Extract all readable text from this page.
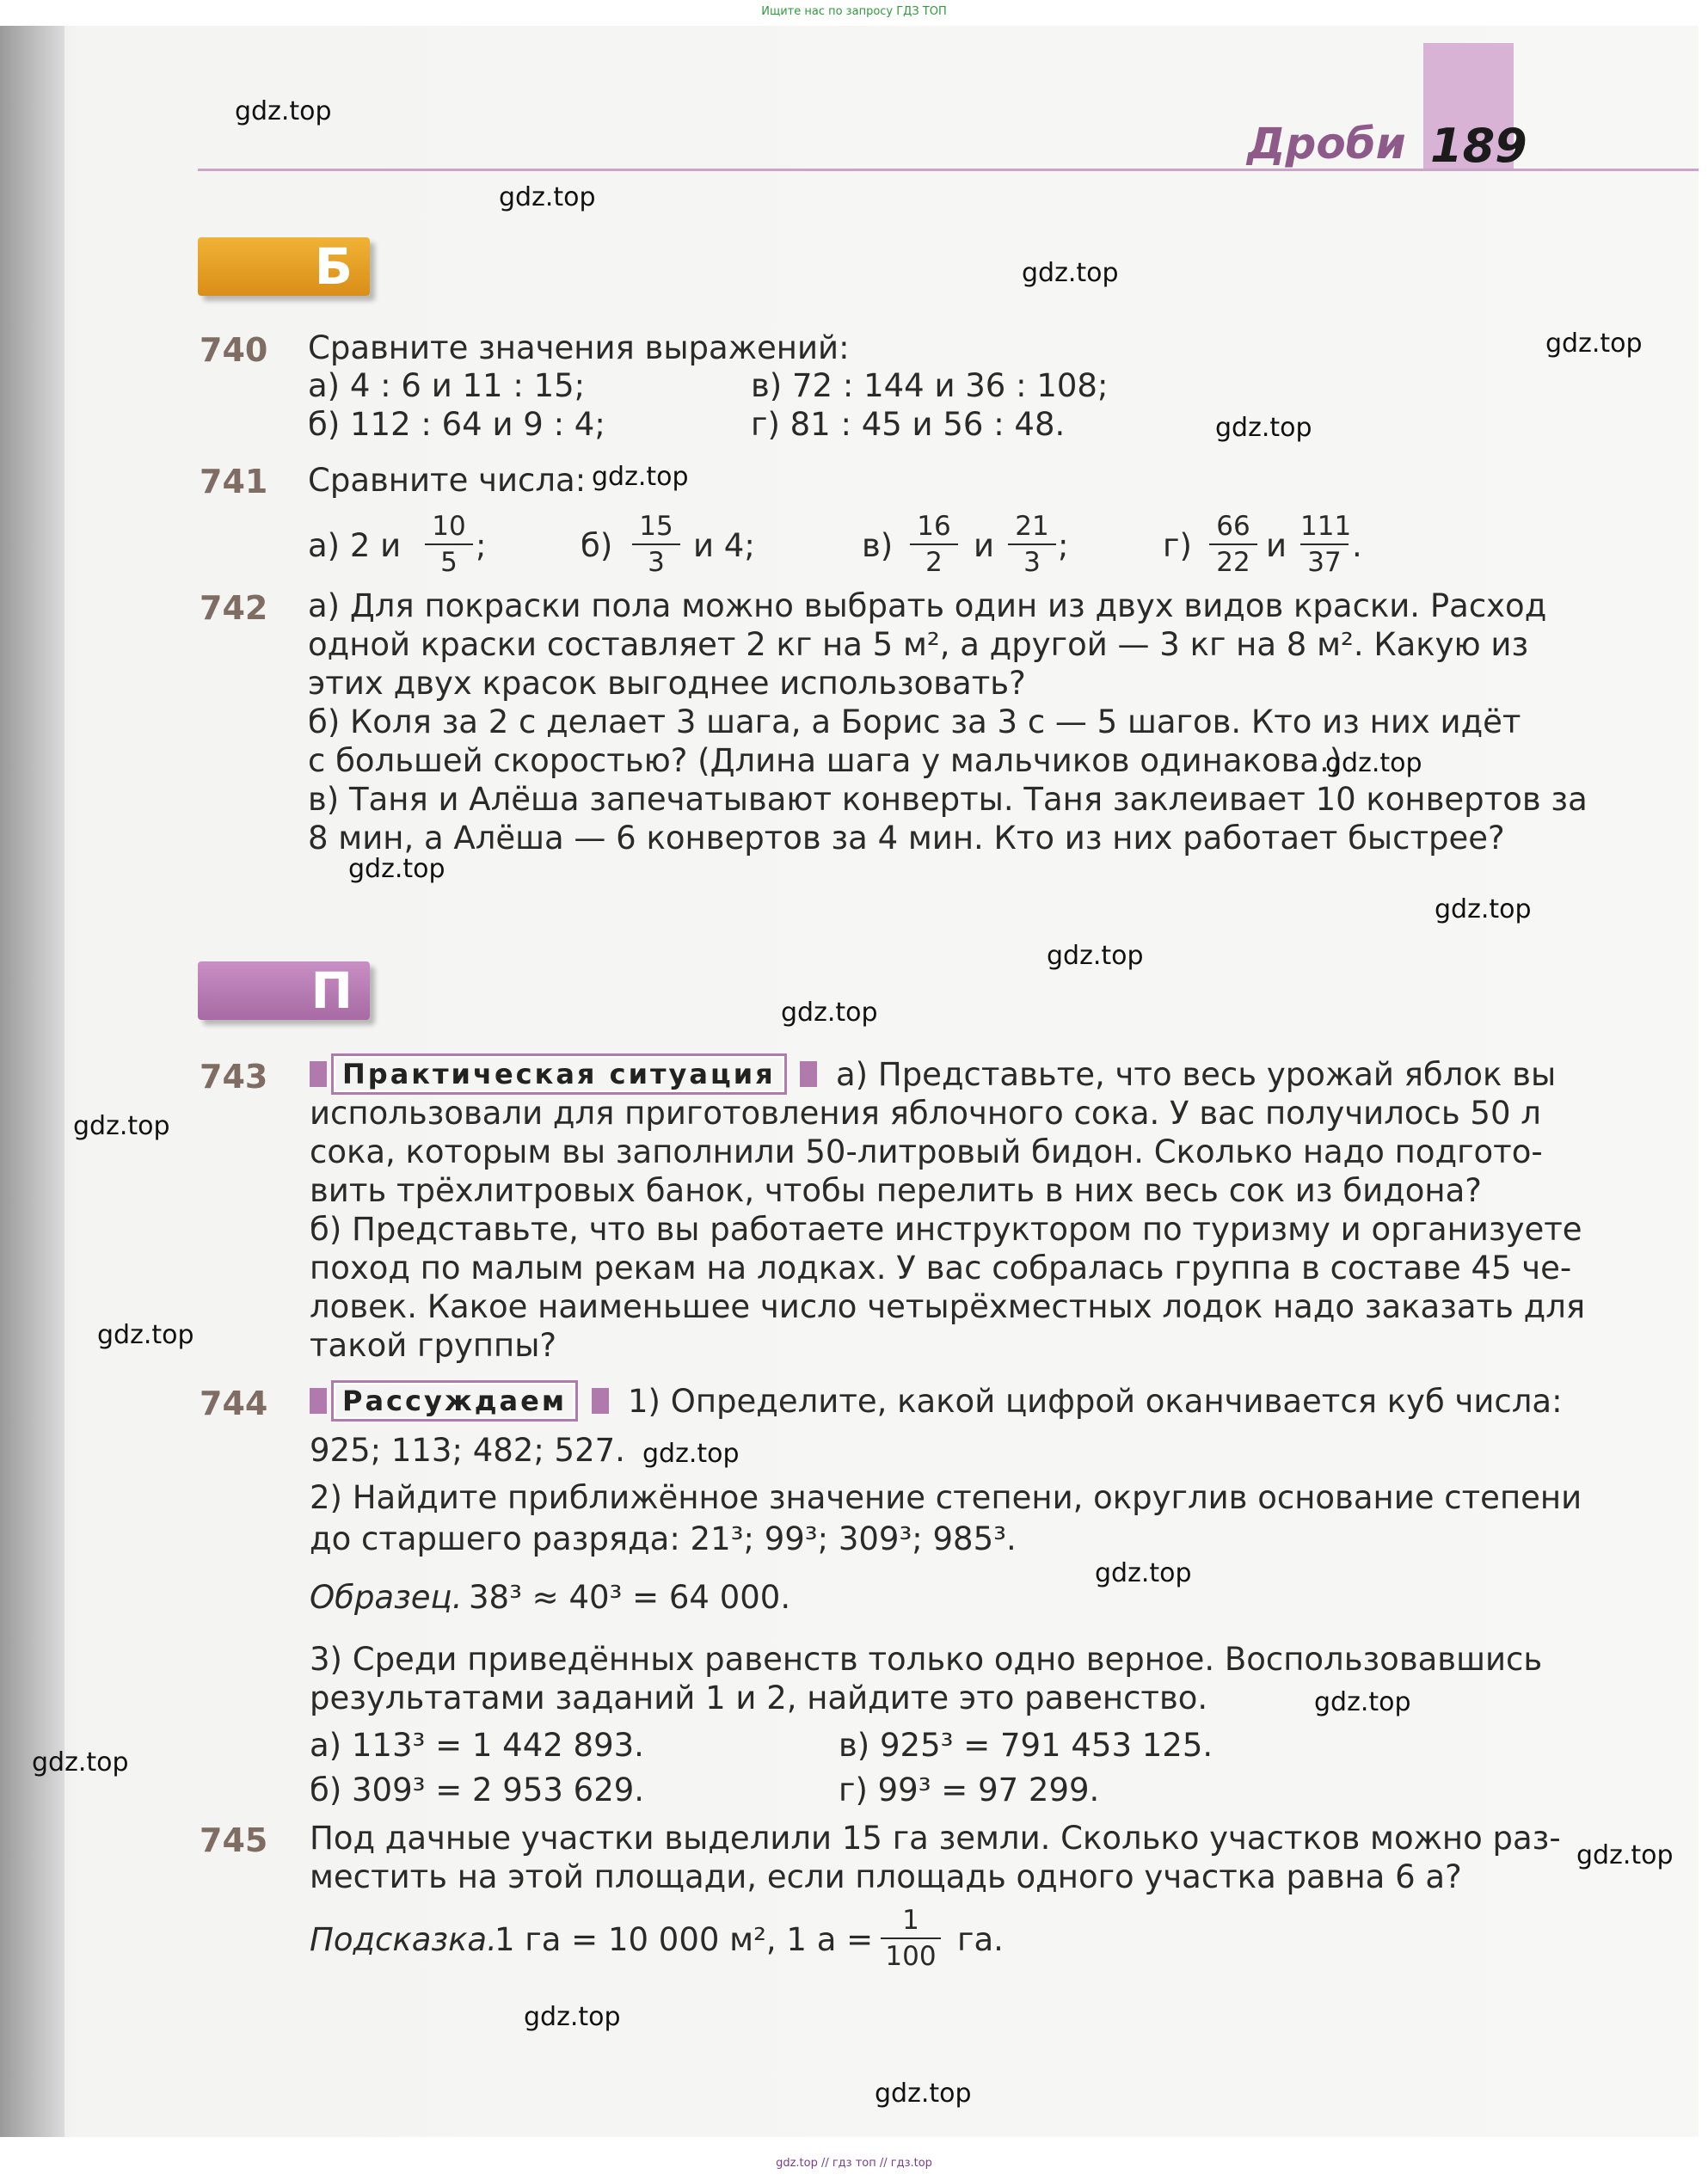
Ищите нас по запросу ГДЗ ТОП
Дроби 189
Б
740 Сравните значения выражений:
а) 4 : 6 и 11 : 15;	в) 72 : 144 и 36 : 108;
б) 112 : 64 и 9 : 4;	г) 81 : 45 и 56 : 48.
741 Сравните числа:
а) 2 и $\frac{10}{5}$ ;	$б) \frac{15}{3}$ и 4;	$в) \frac{16}{2}$ и $\frac{21}{3}$ ;	$г) \frac{66}{22}$ и $\frac{111}{37}$ .
742 а) Для покраски пола можно выбрать один из двух видов краски. Расход
одной краски составляет 2 кг на 5 м², а другой — 3 кг на 8 м². Какую из
этих двух красок выгоднее использовать?
б) Коля за 2 с делает 3 шага, а Борис за 3 с — 5 шагов. Кто из них идёт
с большей скоростью? (Длина шага у мальчиков одинакова.)
в) Таня и Алёша запечатывают конверты. Таня заклеивает 10 конвертов за
8 мин, а Алёша — 6 конвертов за 4 мин. Кто из них работает быстрее?
П
743	Практическая ситуация	а) Представьте, что весь урожай яблок вы
использовали для приготовления яблочного сока. У вас получилось 50 л
сока, которым вы заполнили 50-литровый бидон. Сколько надо подгото-
вить трёхлитровых банок, чтобы перелить в них весь сок из бидона?
б) Представьте, что вы работаете инструктором по туризму и организуете
поход по малым рекам на лодках. У вас собралась группа в составе 45 че-
ловек. Какое наименьшее число четырёхместных лодок надо заказать для
такой группы?
744	Рассуждаем	1) Определите, какой цифрой оканчивается куб числа:
925; 113; 482; 527.
2) Найдите приближённое значение степени, округлив основание степени
до старшего разряда: 21³; 99³; 309³; 985³.
Образец. 38³ ≈ 40³ = 64 000.
3) Среди приведённых равенств только одно верное. Воспользовавшись
результатами заданий 1 и 2, найдите это равенство.
а) 113³ = 1 442 893.	в) 925³ = 791 453 125.
б) 309³ = 2 953 629.	г) 99³ = 97 299.
745 Под дачные участки выделили 15 га земли. Сколько участков можно раз-
местить на этой площади, если площадь одного участка равна 6 а?
Подсказка.
1 га = 10 000 м², 1 $а = \frac{1}{100}$ га.
gdz.top
gdz.top
gdz.top
gdz.top
gdz.top
gdz.top
gdz.top
gdz.top
gdz.top
gdz.top
gdz.top
gdz.top
gdz.top
gdz.top
gdz.top
gdz.top
gdz.top
gdz.top
gdz.top
gdz.top
gdz.top // гдз топ // гдз.top
